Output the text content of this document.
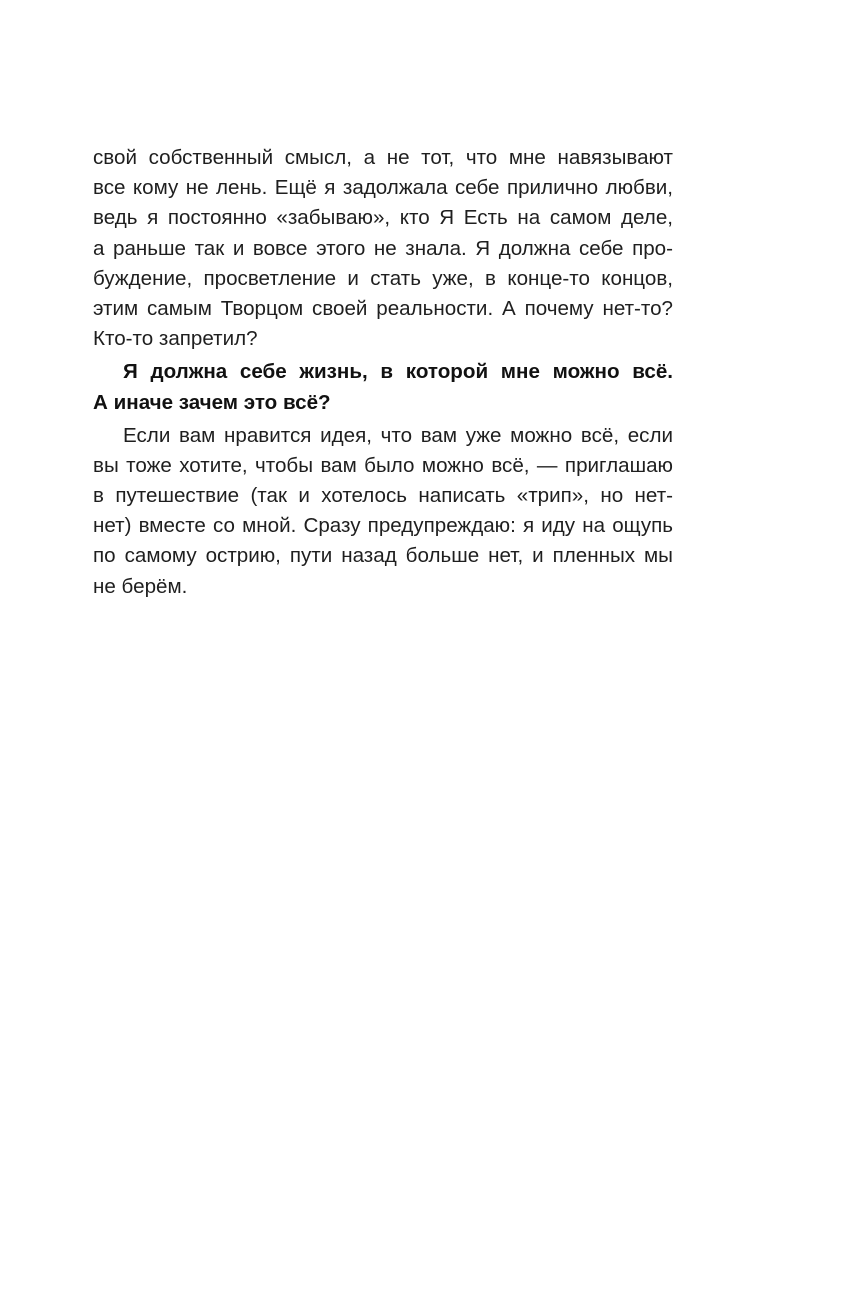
свой собственный смысл, а не тот, что мне навязывают
все кому не лень. Ещё я задолжала себе прилично любви,
ведь я постоянно «забываю», кто Я Есть на самом деле,
а раньше так и вовсе этого не знала. Я должна себе про-
буждение, просветление и стать уже, в конце-то концов,
этим самым Творцом своей реальности. А почему нет-то?
Кто-то запретил?
Я должна себе жизнь, в которой мне можно всё.
А иначе зачем это всё?
Если вам нравится идея, что вам уже можно всё, если
вы тоже хотите, чтобы вам было можно всё, — приглашаю
в путешествие (так и хотелось написать «трип», но нет-
нет) вместе со мной. Сразу предупреждаю: я иду на ощупь
по самому острию, пути назад больше нет, и пленных мы
не берём.
